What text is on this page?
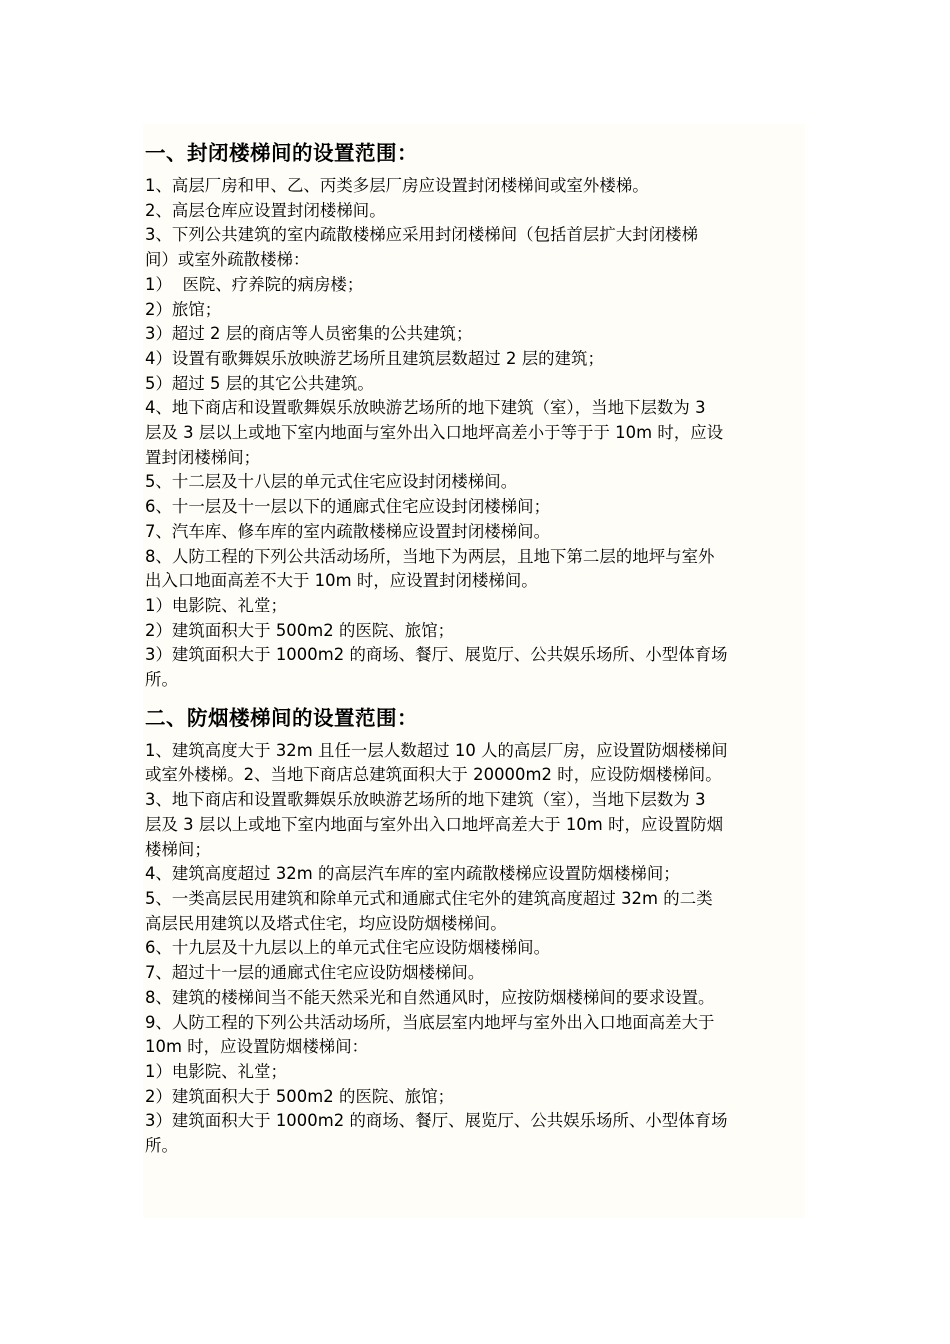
一、封闭楼梯间的设置范围：

1、高层厂房和甲、乙、丙类多层厂房应设置封闭楼梯间或室外楼梯。

2、高层仓库应设置封闭楼梯间。

3、下列公共建筑的室内疏散楼梯应采用封闭楼梯间（包括首层扩大封闭楼梯

间）或室外疏散楼梯：

1）  医院、疗养院的病房楼；

2）旅馆；

3）超过 2 层的商店等人员密集的公共建筑；

4）设置有歌舞娱乐放映游艺场所且建筑层数超过 2 层的建筑；

5）超过 5 层的其它公共建筑。

4、地下商店和设置歌舞娱乐放映游艺场所的地下建筑（室），当地下层数为 3

层及 3 层以上或地下室内地面与室外出入口地坪高差小于等于于 10m 时，应设

置封闭楼梯间；

5、十二层及十八层的单元式住宅应设封闭楼梯间。

6、十一层及十一层以下的通廊式住宅应设封闭楼梯间；

7、汽车库、修车库的室内疏散楼梯应设置封闭楼梯间。

8、人防工程的下列公共活动场所，当地下为两层，且地下第二层的地坪与室外

出入口地面高差不大于 10m 时，应设置封闭楼梯间。

1）电影院、礼堂；

2）建筑面积大于 500m2 的医院、旅馆；

3）建筑面积大于 1000m2 的商场、餐厅、展览厅、公共娱乐场所、小型体育场

所。

二、防烟楼梯间的设置范围：

1、建筑高度大于 32m 且任一层人数超过 10 人的高层厂房，应设置防烟楼梯间

或室外楼梯。2、当地下商店总建筑面积大于 20000m2 时，应设防烟楼梯间。

3、地下商店和设置歌舞娱乐放映游艺场所的地下建筑（室），当地下层数为 3

层及 3 层以上或地下室内地面与室外出入口地坪高差大于 10m 时，应设置防烟

楼梯间；

4、建筑高度超过 32m 的高层汽车库的室内疏散楼梯应设置防烟楼梯间；

5、一类高层民用建筑和除单元式和通廊式住宅外的建筑高度超过 32m 的二类

高层民用建筑以及塔式住宅，均应设防烟楼梯间。

6、十九层及十九层以上的单元式住宅应设防烟楼梯间。

7、超过十一层的通廊式住宅应设防烟楼梯间。

8、建筑的楼梯间当不能天然采光和自然通风时，应按防烟楼梯间的要求设置。

9、人防工程的下列公共活动场所，当底层室内地坪与室外出入口地面高差大于

10m 时，应设置防烟楼梯间：

1）电影院、礼堂；

2）建筑面积大于 500m2 的医院、旅馆；

3）建筑面积大于 1000m2 的商场、餐厅、展览厅、公共娱乐场所、小型体育场

所。
